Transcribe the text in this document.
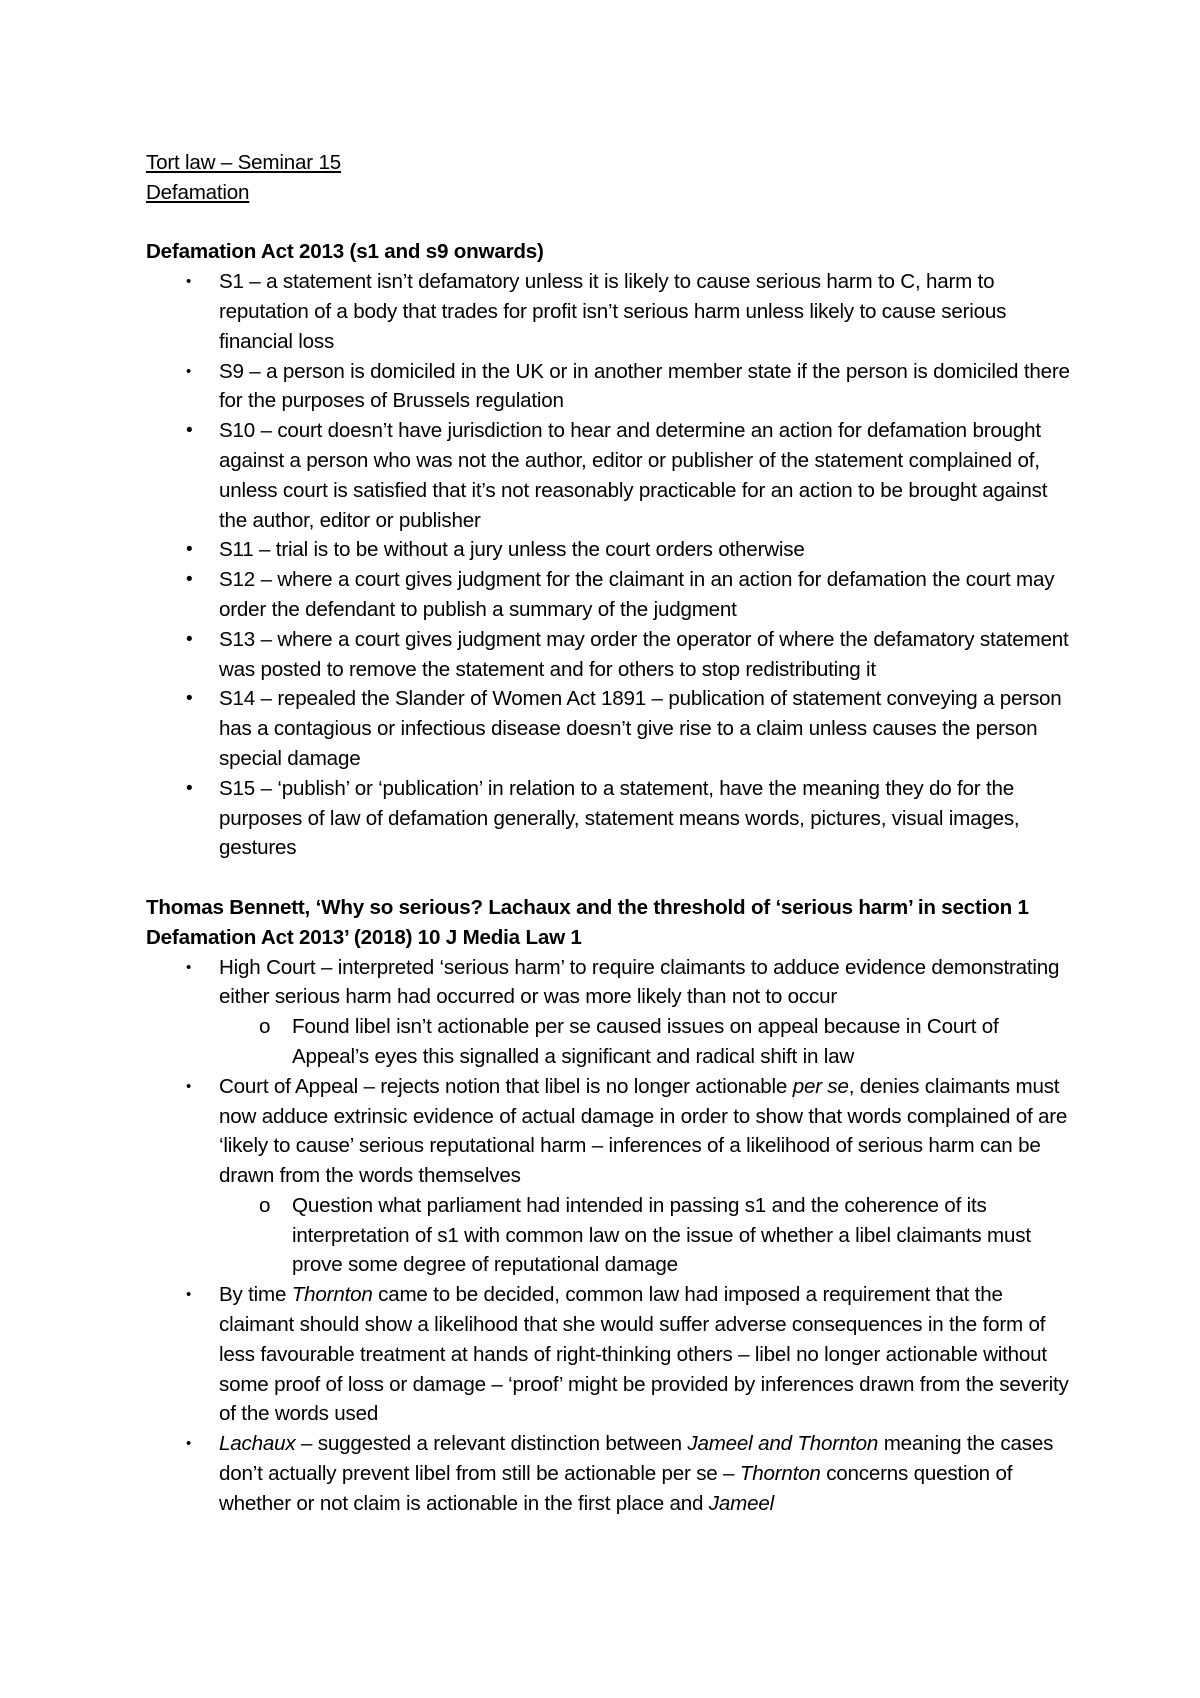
Tort law – Seminar 15

Defamation

Defamation Act 2013 (s1 and s9 onwards)

• S1 – a statement isn’t defamatory unless it is likely to cause serious harm to C, harm to reputation of a body that trades for profit isn’t serious harm unless likely to cause serious financial loss
• S9 – a person is domiciled in the UK or in another member state if the person is domiciled there for the purposes of Brussels regulation
• S10 – court doesn’t have jurisdiction to hear and determine an action for defamation brought against a person who was not the author, editor or publisher of the statement complained of, unless court is satisfied that it’s not reasonably practicable for an action to be brought against the author, editor or publisher
• S11 – trial is to be without a jury unless the court orders otherwise
• S12 – where a court gives judgment for the claimant in an action for defamation the court may order the defendant to publish a summary of the judgment
• S13 – where a court gives judgment may order the operator of where the defamatory statement was posted to remove the statement and for others to stop redistributing it
• S14 – repealed the Slander of Women Act 1891 – publication of statement conveying a person has a contagious or infectious disease doesn’t give rise to a claim unless causes the person special damage
• S15 – ‘publish’ or ‘publication’ in relation to a statement, have the meaning they do for the purposes of law of defamation generally, statement means words, pictures, visual images, gestures

Thomas Bennett, ‘Why so serious? Lachaux and the threshold of ‘serious harm’ in section 1 Defamation Act 2013’ (2018) 10 J Media Law 1

• High Court – interpreted ‘serious harm’ to require claimants to adduce evidence demonstrating either serious harm had occurred or was more likely than not to occur
o Found libel isn’t actionable per se caused issues on appeal because in Court of Appeal’s eyes this signalled a significant and radical shift in law
• Court of Appeal – rejects notion that libel is no longer actionable per se, denies claimants must now adduce extrinsic evidence of actual damage in order to show that words complained of are ‘likely to cause’ serious reputational harm – inferences of a likelihood of serious harm can be drawn from the words themselves
o Question what parliament had intended in passing s1 and the coherence of its interpretation of s1 with common law on the issue of whether a libel claimants must prove some degree of reputational damage
• By time Thornton came to be decided, common law had imposed a requirement that the claimant should show a likelihood that she would suffer adverse consequences in the form of less favourable treatment at hands of right-thinking others – libel no longer actionable without some proof of loss or damage – ‘proof’ might be provided by inferences drawn from the severity of the words used
• Lachaux – suggested a relevant distinction between Jameel and Thornton meaning the cases don’t actually prevent libel from still be actionable per se – Thornton concerns question of whether or not claim is actionable in the first place and Jameel
